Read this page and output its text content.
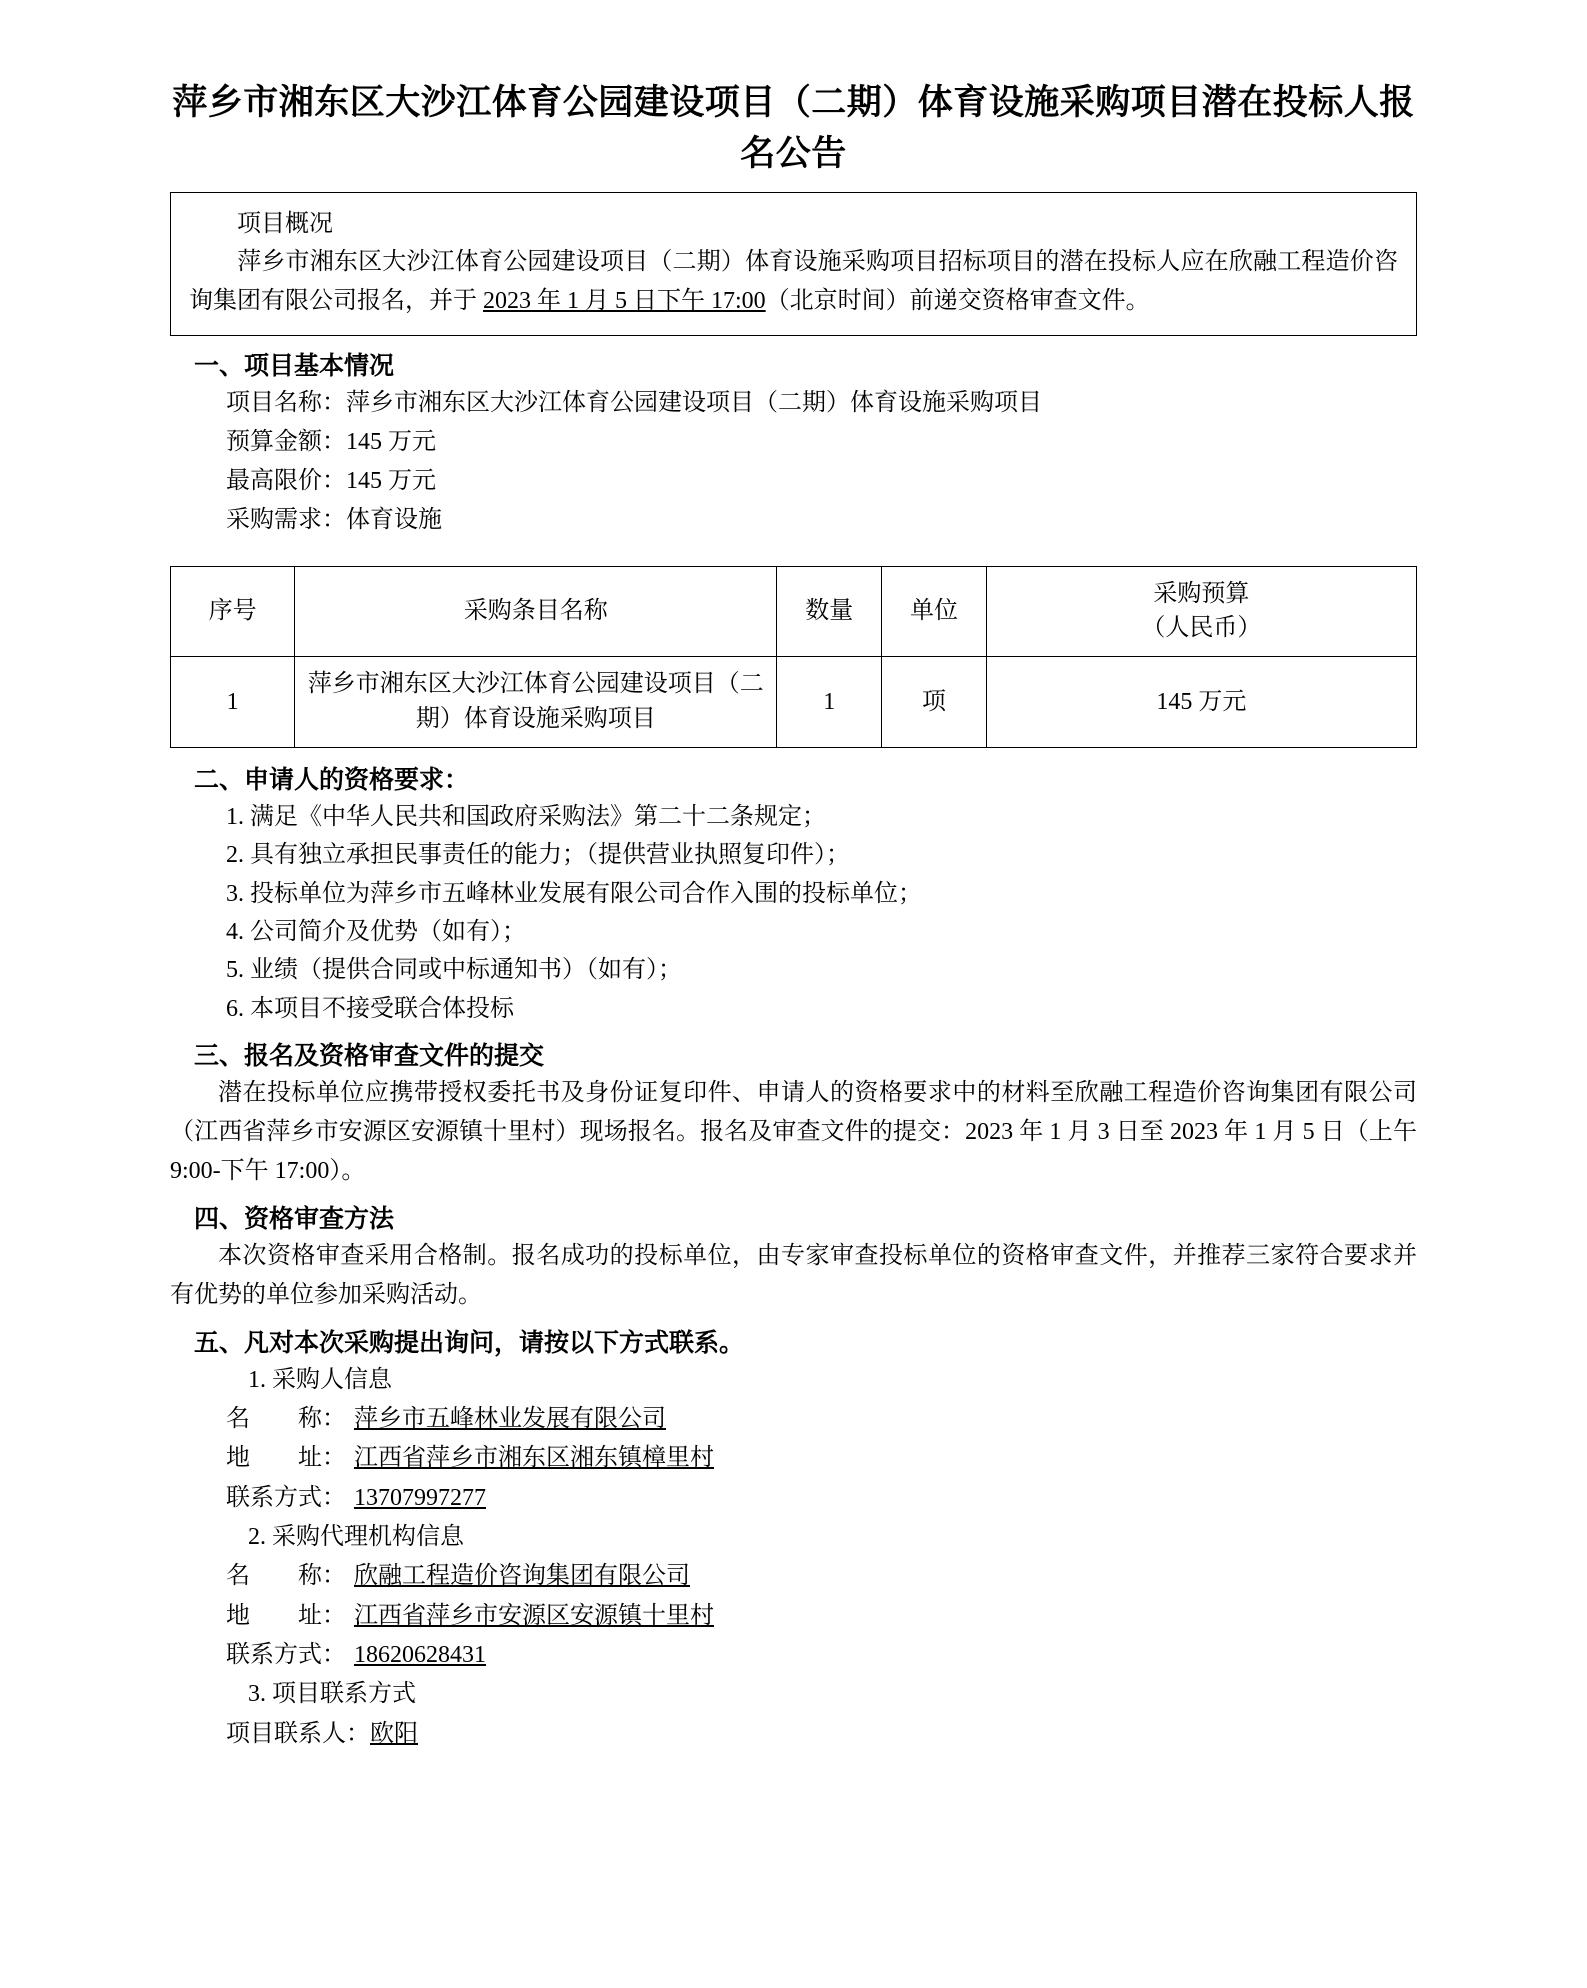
萍乡市湘东区大沙江体育公园建设项目（二期）体育设施采购项目潜在投标人报名公告

项目概况

萍乡市湘东区大沙江体育公园建设项目（二期）体育设施采购项目招标项目的潜在投标人应在欣融工程造价咨询集团有限公司报名，并于 2023 年 1 月 5 日下午 17:00（北京时间）前递交资格审查文件。

一、项目基本情况

项目名称：萍乡市湘东区大沙江体育公园建设项目（二期）体育设施采购项目

预算金额：145 万元

最高限价：145 万元

采购需求：体育设施

序号	采购条目名称	数量	单位	采购预算
（人民币）

1	萍乡市湘东区大沙江体育公园建设项目（二期）体育设施采购项目	1	项	145 万元
二、申请人的资格要求：

1. 满足《中华人民共和国政府采购法》第二十二条规定；

2. 具有独立承担民事责任的能力；（提供营业执照复印件）；

3. 投标单位为萍乡市五峰林业发展有限公司合作入围的投标单位；

4. 公司简介及优势（如有）；

5. 业绩（提供合同或中标通知书）（如有）；

6. 本项目不接受联合体投标

三、报名及资格审查文件的提交

潜在投标单位应携带授权委托书及身份证复印件、申请人的资格要求中的材料至欣融工程造价咨询集团有限公司（江西省萍乡市安源区安源镇十里村）现场报名。报名及审查文件的提交：2023 年 1 月 3 日至 2023 年 1 月 5 日（上午 9:00-下午 17:00）。

四、资格审查方法

本次资格审查采用合格制。报名成功的投标单位，由专家审查投标单位的资格审查文件，并推荐三家符合要求并有优势的单位参加采购活动。

五、凡对本次采购提出询问，请按以下方式联系。

1. 采购人信息

名　　称： 萍乡市五峰林业发展有限公司

地　　址： 江西省萍乡市湘东区湘东镇樟里村

联系方式： 13707997277

2. 采购代理机构信息

名　　称： 欣融工程造价咨询集团有限公司

地　　址： 江西省萍乡市安源区安源镇十里村

联系方式： 18620628431

3. 项目联系方式

项目联系人：欧阳
